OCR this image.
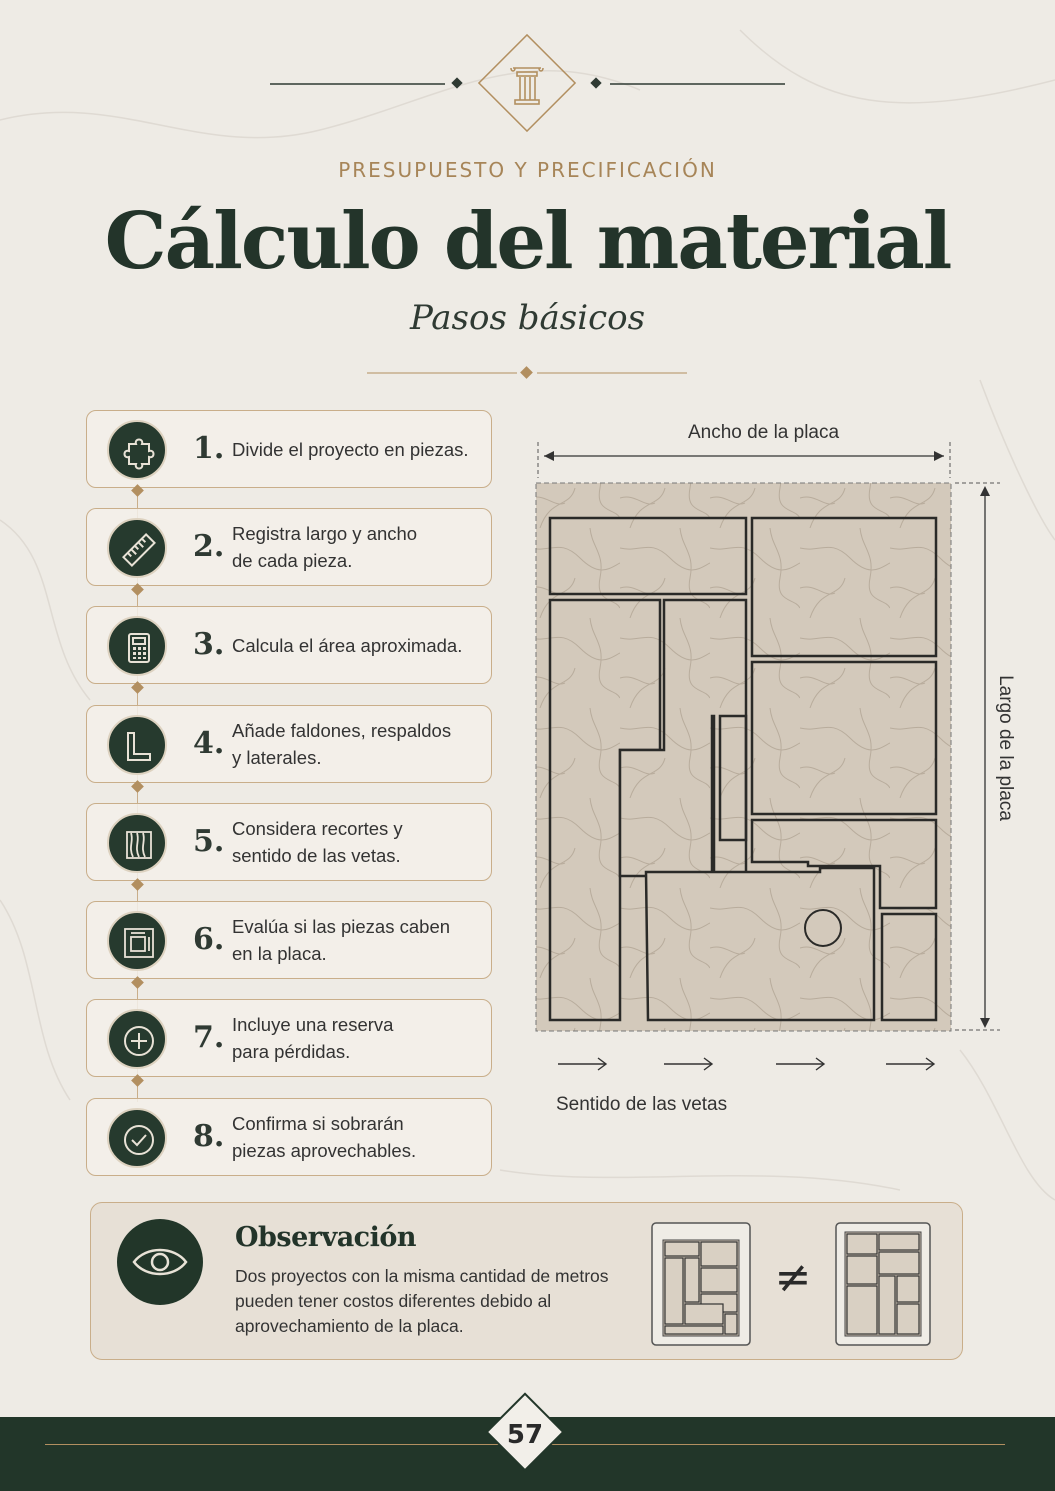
PRESUPUESTO Y PRECIFICACIÓN
Cálculo del material
Pasos básicos
1. Divide el proyecto en piezas.
2. Registra largo y ancho
de cada pieza.
3. Calcula el área aproximada.
4. Añade faldones, respaldos
y laterales.
5. Considera recortes y
sentido de las vetas.
6. Evalúa si las piezas caben
en la placa.
7. Incluye una reserva
para pérdidas.
8. Confirma si sobrarán
piezas aprovechables.
Ancho de la placa
Largo de la placa
Sentido de las vetas
Observación
Dos proyectos con la misma cantidad de metros pueden tener costos diferentes debido al aprovechamiento de la placa.
≠
57
